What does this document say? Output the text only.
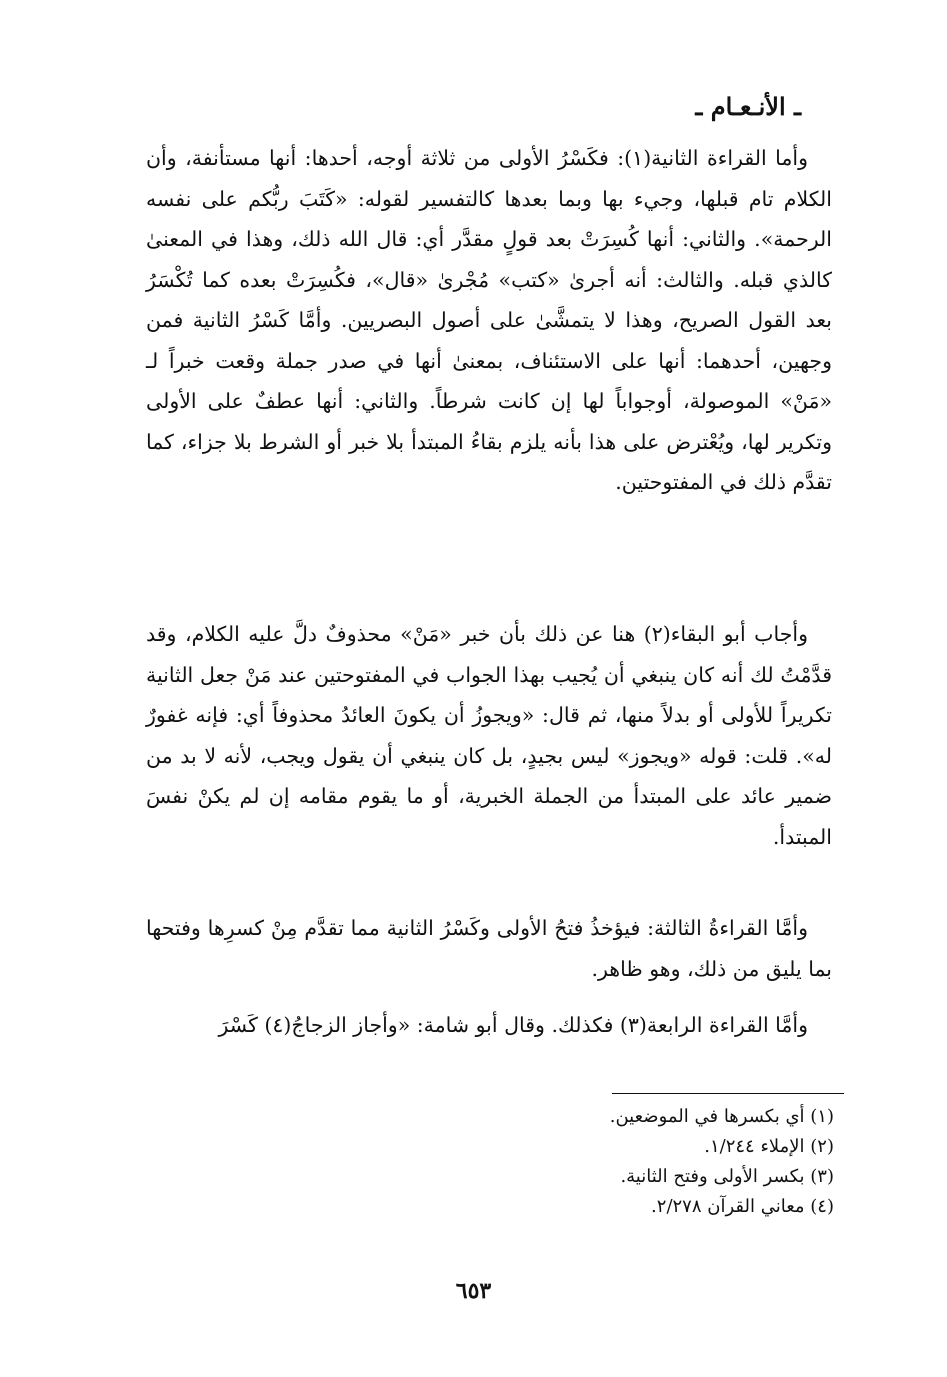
ـ الأنـعـام ـ

وأما القراءة الثانية(١): فكَسْرُ الأولى من ثلاثة أوجه، أحدها: أنها مستأنفة، وأن الكلام تام قبلها، وجيء بها وبما بعدها كالتفسير لقوله: «كَتَبَ ربُّكم على نفسه الرحمة». والثاني: أنها كُسِرَتْ بعد قولٍ مقدَّر أي: قال الله ذلك، وهذا في المعنىٰ كالذي قبله. والثالث: أنه أجرىٰ «كتب» مُجْرىٰ «قال»، فكُسِرَتْ بعده كما تُكْسَرُ بعد القول الصريح، وهذا لا يتمشَّىٰ على أصول البصريين. وأمَّا كَسْرُ الثانية فمن وجهين، أحدهما: أنها على الاستئناف، بمعنىٰ أنها في صدر جملة وقعت خبراً لـ «مَنْ» الموصولة، أوجواباً لها إن كانت شرطاً. والثاني: أنها عطفٌ على الأولى وتكرير لها، ويُعْترض على هذا بأنه يلزم بقاءُ المبتدأ بلا خبر أو الشرط بلا جزاء، كما تقدَّم ذلك في المفتوحتين.

وأجاب أبو البقاء(٢) هنا عن ذلك بأن خبر «مَنْ» محذوفٌ دلَّ عليه الكلام، وقد قدَّمْتُ لك أنه كان ينبغي أن يُجيب بهذا الجواب في المفتوحتين عند مَنْ جعل الثانية تكريراً للأولى أو بدلاً منها، ثم قال: «ويجوزُ أن يكونَ العائدُ محذوفاً أي: فإنه غفورٌ له». قلت: قوله «ويجوز» ليس بجيدٍ، بل كان ينبغي أن يقول ويجب، لأنه لا بد من ضمير عائد على المبتدأ من الجملة الخبرية، أو ما يقوم مقامه إن لم يكنْ نفسَ المبتدأ.

وأمَّا القراءةُ الثالثة: فيؤخذُ فتحُ الأولى وكَسْرُ الثانية مما تقدَّم مِنْ كسرِها وفتحها بما يليق من ذلك، وهو ظاهر.

وأمَّا القراءة الرابعة(٣) فكذلك. وقال أبو شامة: «وأجاز الزجاجُ(٤) كَسْرَ

(١) أي بكسرها في الموضعين.

(٢) الإملاء ١/٢٤٤.

(٣) بكسر الأولى وفتح الثانية.

(٤) معاني القرآن ٢/٢٧٨.

٦٥٣
